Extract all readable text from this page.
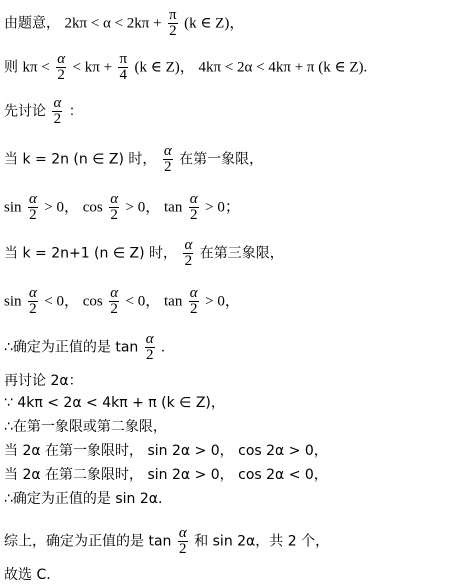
由题意， $2k\pi < \alpha < 2k\pi + \frac{\pi}{2} (k$ ∈ Z)，
则 $k\pi < \frac{\alpha}{2} < k\pi + \frac{\pi}{4} (k$ ∈ Z)， 4kπ < 2α < 4kπ + π (k ∈ Z).
先讨论 $\frac{\alpha}{2}$ ：
当 k = 2n (n ∈ Z) 时， $\frac{\alpha}{2}$ 在第一象限，
$\sin \frac{\alpha}{2} > 0$， $\cos \frac{\alpha}{2} > 0$， $\tan \frac{\alpha}{2} > 0$；
当 k = 2n+1 (n ∈ Z) 时， $\frac{\alpha}{2}$ 在第三象限，
$\sin \frac{\alpha}{2} < 0$， $\cos \frac{\alpha}{2} < 0$， $\tan \frac{\alpha}{2} > 0$，
∴确定为正值的是 $\tan \frac{\alpha}{2}$ .
再讨论 2α：
∵ 4kπ < 2α < 4kπ + π (k ∈ Z)，
∴在第一象限或第二象限，
当 2α 在第一象限时， sin 2α > 0， cos 2α > 0，
当 2α 在第二象限时， sin 2α > 0， cos 2α < 0，
∴确定为正值的是 sin 2α.
综上，确定为正值的是 $\tan \frac{\alpha}{2}$ 和 sin 2α，共 2 个，
故选 C.
